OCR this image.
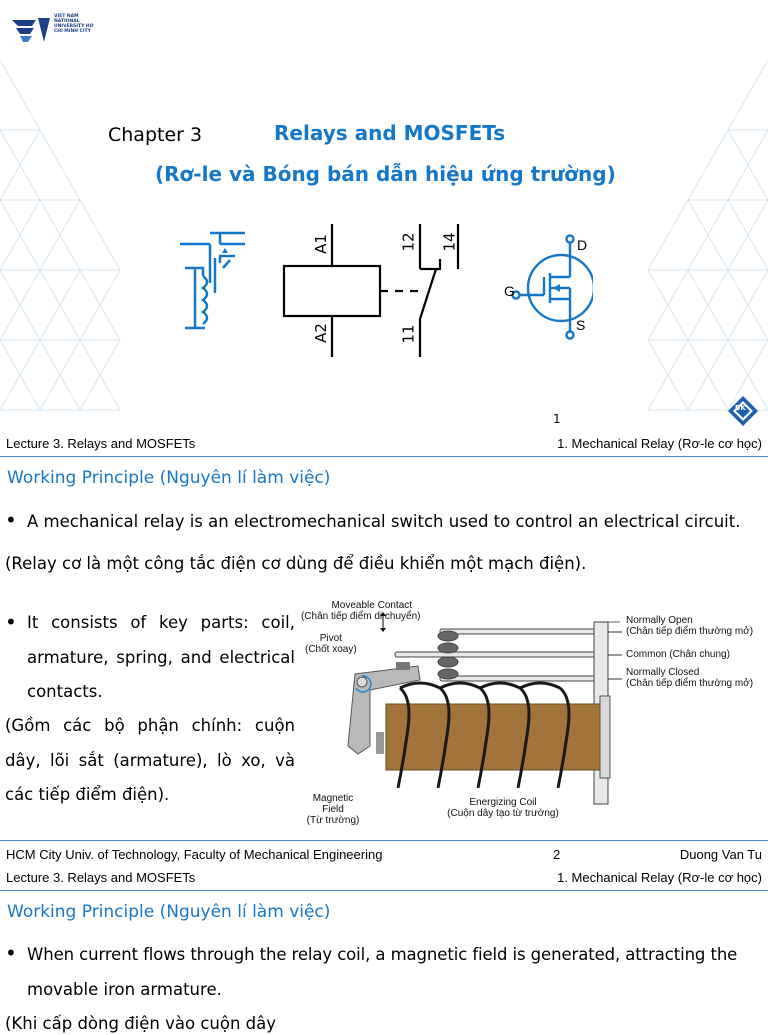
VIET NAM NATIONAL UNIVERSITY HO CHI MINH CITY
Chapter 3	Relays and MOSFETs
(Rơ-le và Bóng bán dẫn hiệu ứng trường)
A1
A2
12 14
11
D
G
S
1
BK
Lecture 3. Relays and MOSFETs	1. Mechanical Relay (Rơ-le cơ học)
Working Principle (Nguyên lí làm việc)
• A mechanical relay is an electromechanical switch used to control an electrical circuit.
(Relay cơ là một công tắc điện cơ dùng để điều khiển một mạch điện).
• It consists of key parts: coil,
armature, spring, and electrical
contacts.
(Gồm các bộ phận chính: cuộn
dây, lõi sắt (armature), lò xo, và
các tiếp điểm điện).
Moveable Contact
(Chân tiếp điểm di chuyển)
Pivot
(Chốt xoay)
Normally Open
(Chân tiếp điểm thường mở)
Common (Chân chung)
Normally Closed
(Chân tiếp điểm thường mở)
Magnetic
Field
(Từ trường)
Energizing Coil
(Cuộn dây tạo từ trường)
HCM City Univ. of Technology, Faculty of Mechanical Engineering	2	Duong Van Tu
Lecture 3. Relays and MOSFETs	1. Mechanical Relay (Rơ-le cơ học)
Working Principle (Nguyên lí làm việc)
• When current flows through the relay coil, a magnetic field is generated, attracting the
movable iron armature.
(Khi cấp dòng điện vào cuộn dây
